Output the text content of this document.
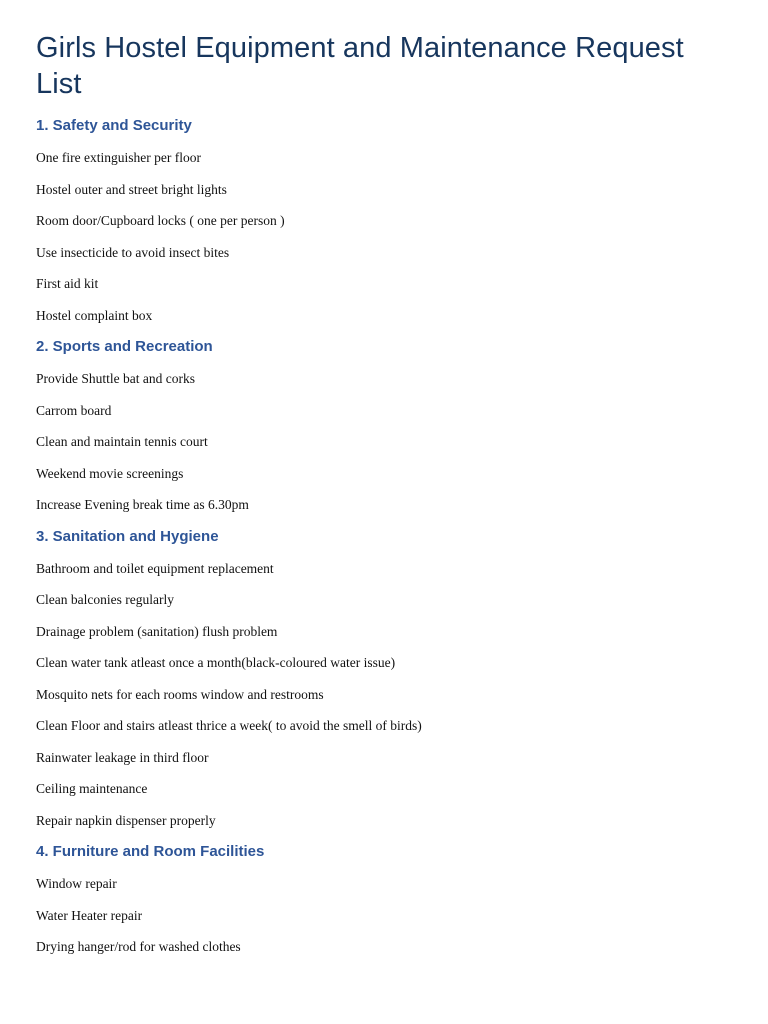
Girls Hostel Equipment and Maintenance Request List
1. Safety and Security
One fire extinguisher per floor
Hostel outer and street bright lights
Room door/Cupboard locks ( one per person )
Use insecticide to avoid insect bites
First aid kit
Hostel complaint box
2. Sports and Recreation
Provide Shuttle bat and corks
Carrom board
Clean and maintain tennis court
Weekend movie screenings
Increase Evening break time as 6.30pm
3. Sanitation and Hygiene
Bathroom and toilet equipment replacement
Clean balconies regularly
Drainage problem (sanitation) flush problem
Clean water tank atleast once a month(black-coloured water issue)
Mosquito nets for each rooms window and restrooms
Clean Floor and stairs atleast thrice a week( to avoid the smell of birds)
Rainwater leakage in third floor
Ceiling maintenance
Repair napkin dispenser properly
4. Furniture and Room Facilities
Window repair
Water Heater repair
Drying hanger/rod for washed clothes
